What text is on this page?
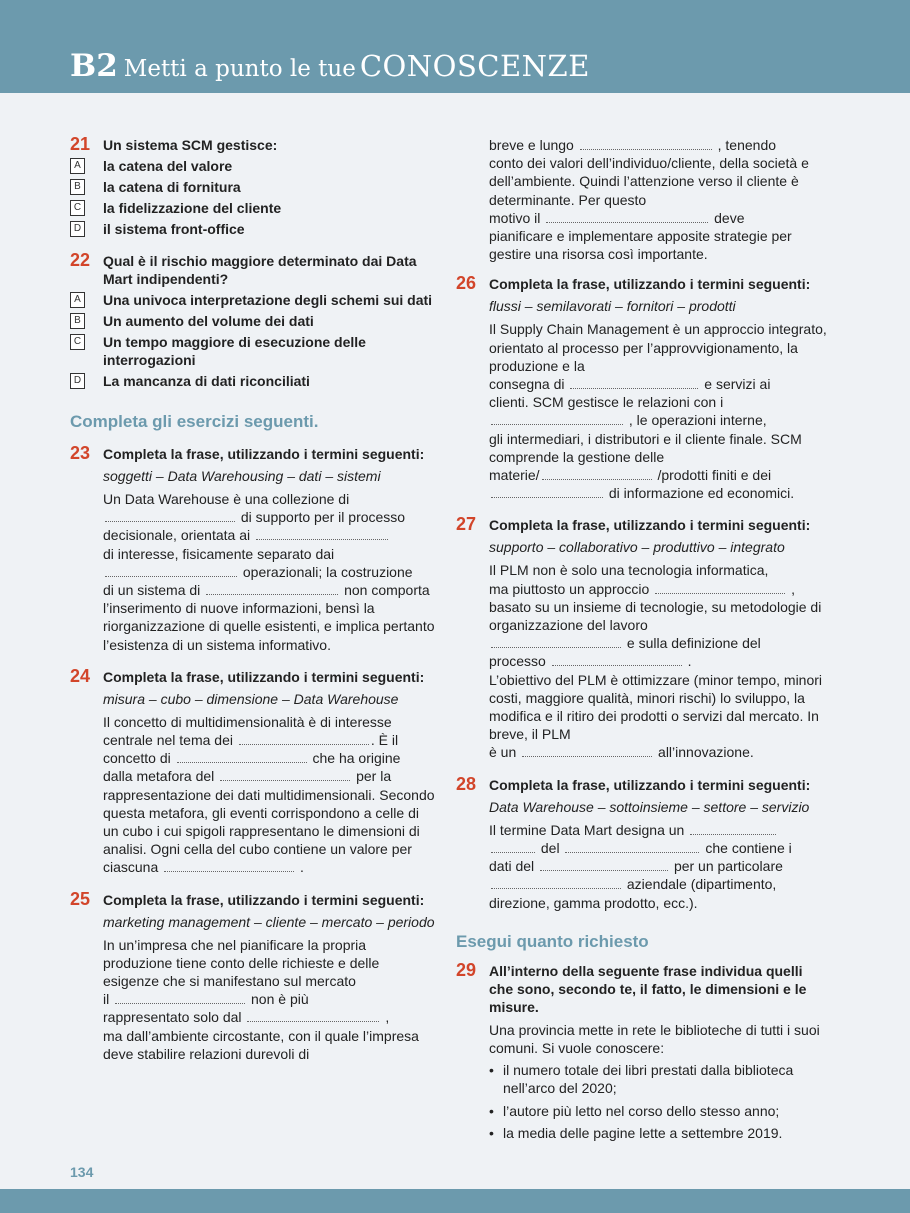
B2 Metti a punto le tue CONOSCENZE
21 Un sistema SCM gestisce:
A la catena del valore
B la catena di fornitura
C la fidelizzazione del cliente
D il sistema front-office
22 Qual è il rischio maggiore determinato dai Data Mart indipendenti?
A Una univoca interpretazione degli schemi sui dati
B Un aumento del volume dei dati
C Un tempo maggiore di esecuzione delle interrogazioni
D La mancanza di dati riconciliati
Completa gli esercizi seguenti.
23 Completa la frase, utilizzando i termini seguenti:
soggetti – Data Warehousing – dati – sistemi
Un Data Warehouse è una collezione di
di supporto per il processo
decisionale, orientata ai
di interesse, fisicamente separato dai
operazionali; la costruzione
di un sistema di	non comporta l’inserimento di nuove informazioni, bensì la riorganizzazione di quelle esistenti, e implica pertanto l’esistenza di un sistema informativo.
24 Completa la frase, utilizzando i termini seguenti:
misura – cubo – dimensione – Data Warehouse
Il concetto di multidimensionalità è di interesse
centrale nel tema dei	. È il
concetto di	che ha origine
dalla metafora del	per la rappresentazione dei dati multidimensionali. Secondo questa metafora, gli eventi corrispondono a celle di un cubo i cui spigoli rappresentano le dimensioni di analisi. Ogni cella del cubo contiene un valore per
ciascuna	.
25 Completa la frase, utilizzando i termini seguenti:
marketing management – cliente – mercato – periodo
In un’impresa che nel pianificare la propria produzione tiene conto delle richieste e delle esigenze che si manifestano sul mercato
il	non è più
rappresentato solo dal	,
ma dall’ambiente circostante, con il quale l’impresa deve stabilire relazioni durevoli di
breve e lungo	, tenendo
conto dei valori dell’individuo/cliente, della società e dell’ambiente. Quindi l’attenzione verso il cliente è determinante. Per questo
motivo il	deve
pianificare e implementare apposite strategie per gestire una risorsa così importante.
26 Completa la frase, utilizzando i termini seguenti:
flussi – semilavorati – fornitori – prodotti
Il Supply Chain Management è un approccio integrato, orientato al processo per l’approvvigionamento, la produzione e la
consegna di	e servizi ai
clienti. SCM gestisce le relazioni con i
, le operazioni interne,
gli intermediari, i distributori e il cliente finale. SCM comprende la gestione delle
materie/	/prodotti finiti e dei
di informazione ed economici.
27 Completa la frase, utilizzando i termini seguenti:
supporto – collaborativo – produttivo – integrato
Il PLM non è solo una tecnologia informatica,
ma piuttosto un approccio	,
basato su un insieme di tecnologie, su metodologie di organizzazione del lavoro
e sulla definizione del
processo	.
L’obiettivo del PLM è ottimizzare (minor tempo, minori costi, maggiore qualità, minori rischi) lo sviluppo, la modifica e il ritiro dei prodotti o servizi dal mercato. In breve, il PLM
è un	all’innovazione.
28 Completa la frase, utilizzando i termini seguenti:
Data Warehouse – sottoinsieme – settore – servizio
Il termine Data Mart designa un
del	che contiene i
dati del	per un particolare
aziendale (dipartimento,
direzione, gamma prodotto, ecc.).
Esegui quanto richiesto
29 All’interno della seguente frase individua quelli che sono, secondo te, il fatto, le dimensioni e le misure.
Una provincia mette in rete le biblioteche di tutti i suoi comuni. Si vuole conoscere:
• il numero totale dei libri prestati dalla biblioteca nell’arco del 2020;
• l’autore più letto nel corso dello stesso anno;
• la media delle pagine lette a settembre 2019.
134
